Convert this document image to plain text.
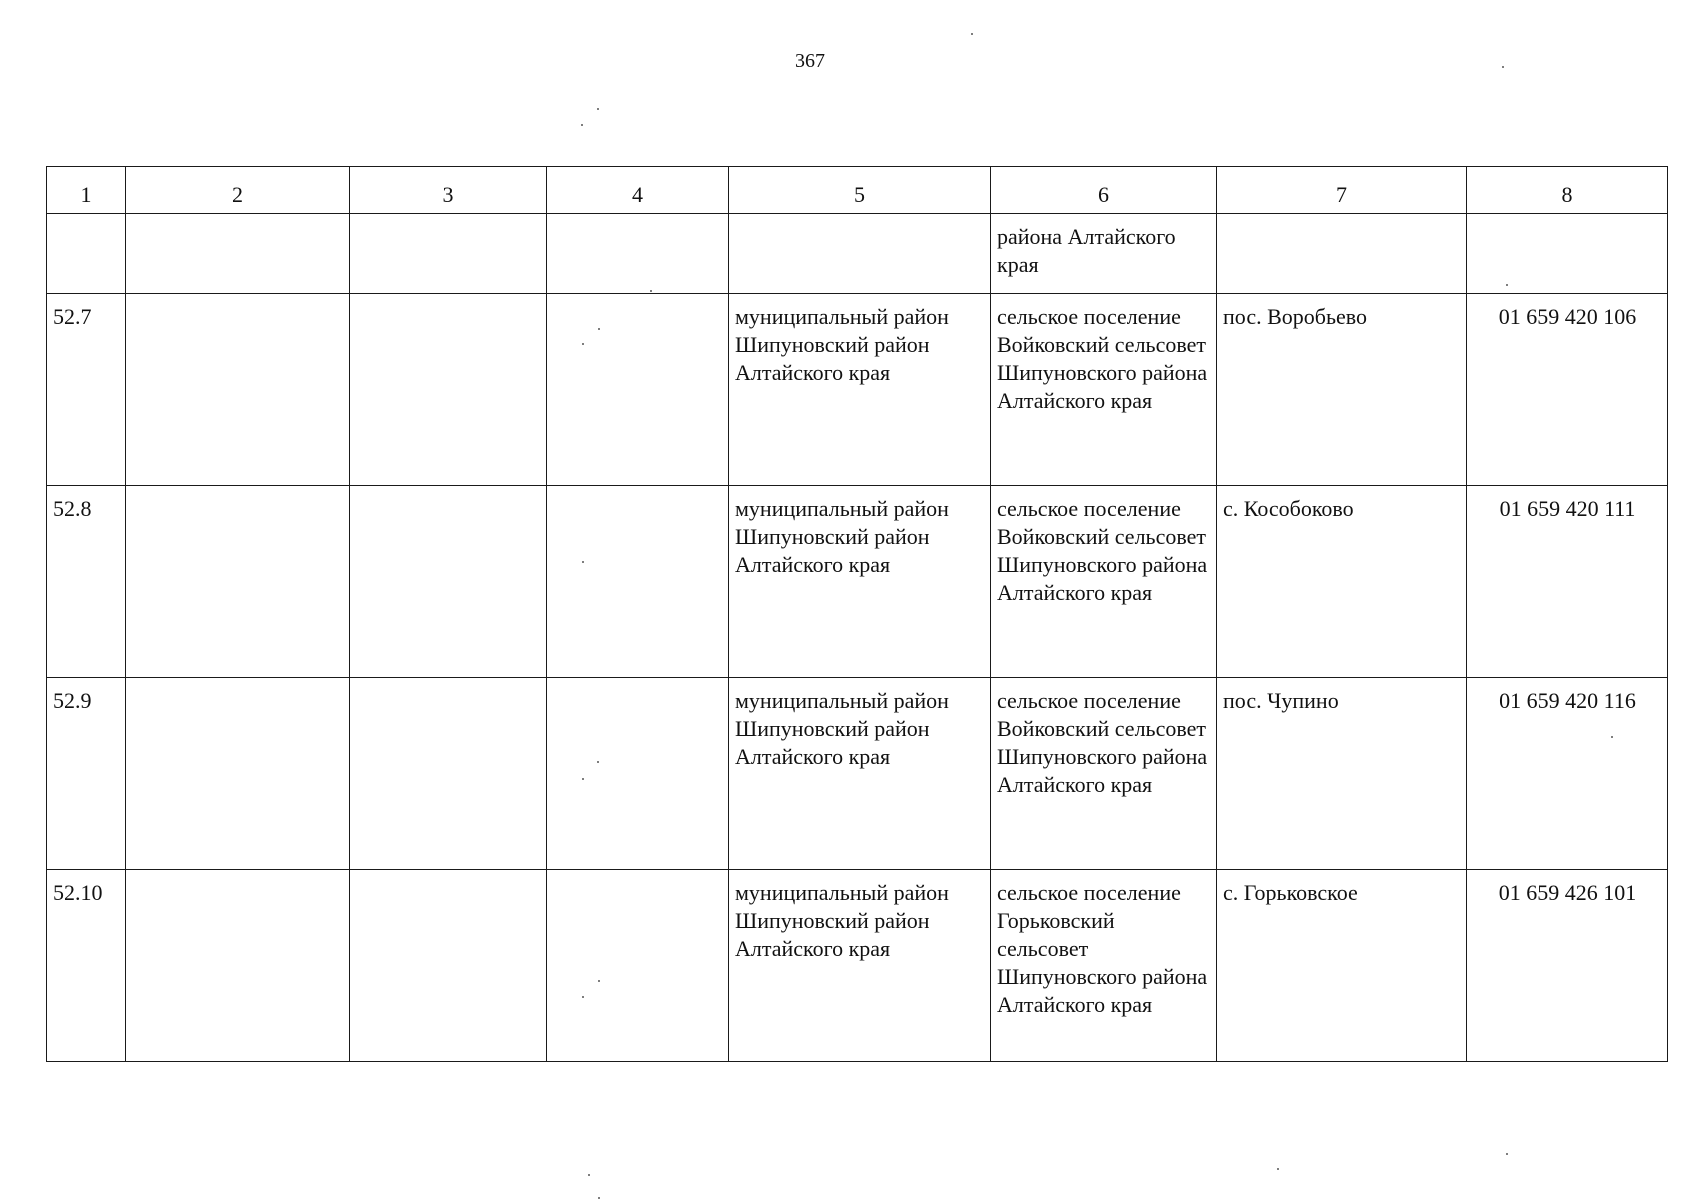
367
1	2	3	4	5	6	7	8
					района Алтайского края		
52.7				муниципальный район Шипуновский район Алтайского края	сельское поселение Войковский сельсовет Шипуновского района Алтайского края	пос. Воробьево	01 659 420 106
52.8				муниципальный район Шипуновский район Алтайского края	сельское поселение Войковский сельсовет Шипуновского района Алтайского края	с. Кособоково	01 659 420 111
52.9				муниципальный район Шипуновский район Алтайского края	сельское поселение Войковский сельсовет Шипуновского района Алтайского края	пос. Чупино	01 659 420 116
52.10				муниципальный район Шипуновский район Алтайского края	сельское поселение Горьковский сельсовет Шипуновского района Алтайского края	с. Горьковское	01 659 426 101
